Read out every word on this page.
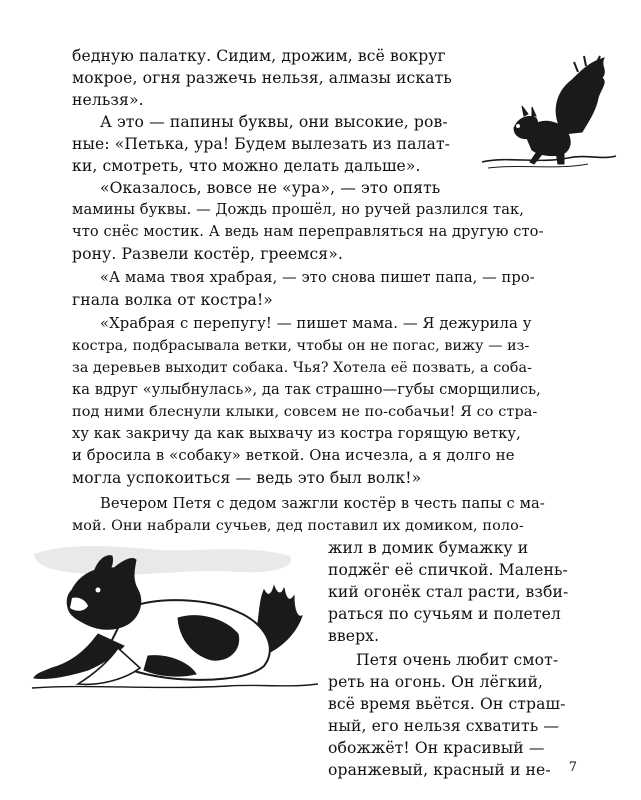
бедную палатку. Сидим, дрожим, всё вокруг
мокрое, огня разжечь нельзя, алмазы искать
нельзя».
А это — папины буквы, они высокие, ров-
ные: «Петька, ура! Будем вылезать из палат-
ки, смотреть, что можно делать дальше».
«Оказалось, вовсе не «ура», — это опять
мамины буквы. — Дождь прошёл, но ручей разлился так,
что снёс мостик. А ведь нам переправляться на другую сто-
рону. Развели костёр, греемся».
«А мама твоя храбрая, — это снова пишет папа, — про-
гнала волка от костра!»
«Храбрая с перепугу! — пишет мама. — Я дежурила у
костра, подбрасывала ветки, чтобы он не погас, вижу — из-
за деревьев выходит собака. Чья? Хотела её позвать, а соба-
ка вдруг «улыбнулась», да так страшно—губы сморщились,
под ними блеснули клыки, совсем не по-собачьи! Я со стра-
ху как закричу да как выхвачу из костра горящую ветку,
и бросила в «собаку» веткой. Она исчезла, а я долго не
могла успокоиться — ведь это был волк!»
Вечером Петя с дедом зажгли костёр в честь папы с ма-
мой. Они набрали сучьев, дед поставил их домиком, поло-
жил в домик бумажку и
поджёг её спичкой. Малень-
кий огонёк стал расти, взби-
раться по сучьям и полетел
вверх.
Петя очень любит смот-
реть на огонь. Он лёгкий,
всё время вьётся. Он страш-
ный, его нельзя схватить —
обожжёт! Он красивый —
оранжевый, красный и не- 7
